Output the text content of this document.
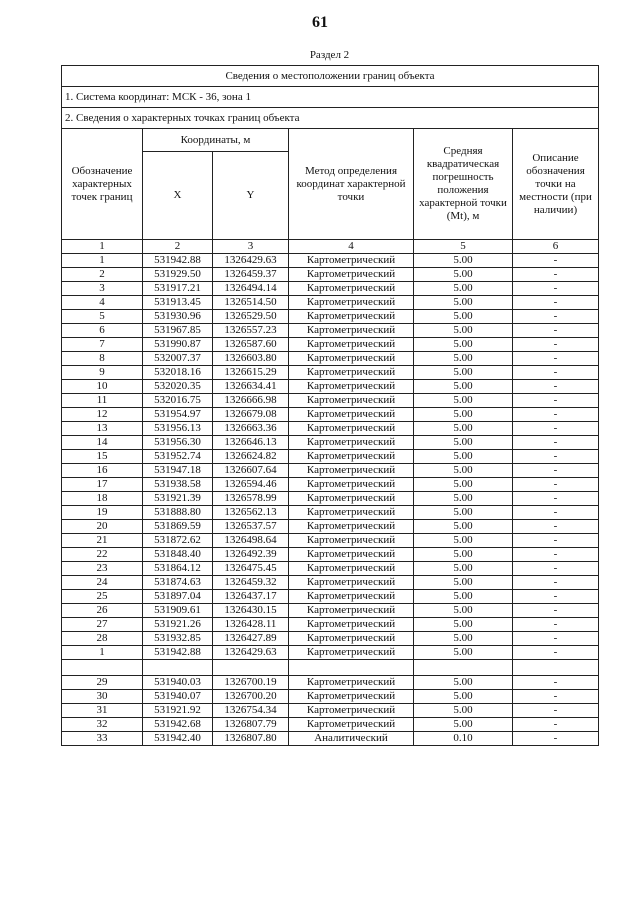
61
Раздел 2
Сведения о местоположении границ объекта					
1. Система координат: МСК - 36, зона 1					
2. Сведения о характерных точках границ объекта					
Обозначение характерных точек границ	Координаты, м		Метод определения координат характерной точки	Средняя квадратическая погрешность положения характерной точки (Mt), м	Описание обозначения точки на местности (при наличии)
	X	Y			
1	2	3	4	5	6
1	531942.88	1326429.63	Картометрический	5.00	-
2	531929.50	1326459.37	Картометрический	5.00	-
3	531917.21	1326494.14	Картометрический	5.00	-
4	531913.45	1326514.50	Картометрический	5.00	-
5	531930.96	1326529.50	Картометрический	5.00	-
6	531967.85	1326557.23	Картометрический	5.00	-
7	531990.87	1326587.60	Картометрический	5.00	-
8	532007.37	1326603.80	Картометрический	5.00	-
9	532018.16	1326615.29	Картометрический	5.00	-
10	532020.35	1326634.41	Картометрический	5.00	-
11	532016.75	1326666.98	Картометрический	5.00	-
12	531954.97	1326679.08	Картометрический	5.00	-
13	531956.13	1326663.36	Картометрический	5.00	-
14	531956.30	1326646.13	Картометрический	5.00	-
15	531952.74	1326624.82	Картометрический	5.00	-
16	531947.18	1326607.64	Картометрический	5.00	-
17	531938.58	1326594.46	Картометрический	5.00	-
18	531921.39	1326578.99	Картометрический	5.00	-
19	531888.80	1326562.13	Картометрический	5.00	-
20	531869.59	1326537.57	Картометрический	5.00	-
21	531872.62	1326498.64	Картометрический	5.00	-
22	531848.40	1326492.39	Картометрический	5.00	-
23	531864.12	1326475.45	Картометрический	5.00	-
24	531874.63	1326459.32	Картометрический	5.00	-
25	531897.04	1326437.17	Картометрический	5.00	-
26	531909.61	1326430.15	Картометрический	5.00	-
27	531921.26	1326428.11	Картометрический	5.00	-
28	531932.85	1326427.89	Картометрический	5.00	-
1	531942.88	1326429.63	Картометрический	5.00	-

29	531940.03	1326700.19	Картометрический	5.00	-
30	531940.07	1326700.20	Картометрический	5.00	-
31	531921.92	1326754.34	Картометрический	5.00	-
32	531942.68	1326807.79	Картометрический	5.00	-
33	531942.40	1326807.80	Аналитический	0.10	-
